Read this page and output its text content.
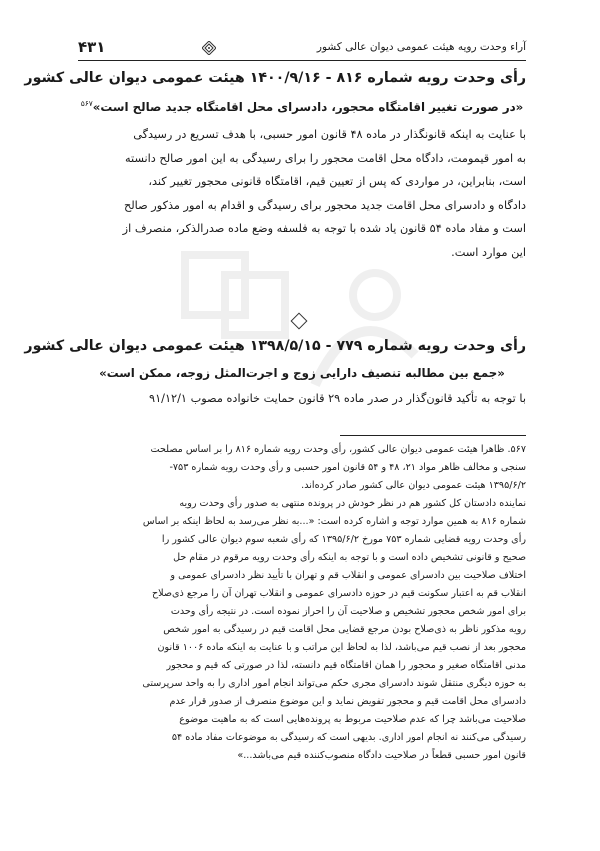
۴۳۱	آراء وحدت رویه هیئت عمومی دیوان عالی کشور
رأی وحدت رویه شماره ۸۱۶ - ۱۴۰۰/۹/۱۶ هیئت عمومی دیوان عالی کشور
«در صورت تغییر اقامتگاه محجور، دادسرای محل اقامتگاه جدید صالح است»$^{۵۶۷}$
با عنایت به اینکه قانونگذار در ماده ۴۸ قانون امور حسبی، با هدف تسریع در رسیدگی
به امور قیمومت، دادگاه محل اقامت محجور را برای رسیدگی به این امور صالح دانسته
است، بنابراین، در مواردی که پس از تعیین قیم، اقامتگاه قانونی محجور تغییر کند،
دادگاه و دادسرای محل اقامت جدید محجور برای رسیدگی و اقدام به امور مذکور صالح
است و مفاد ماده ۵۴ قانون یاد شده با توجه به فلسفه وضع ماده صدرالذکر، منصرف از
این موارد است.
رأی وحدت رویه شماره ۷۷۹ - ۱۳۹۸/۵/۱۵ هیئت عمومی دیوان عالی کشور
«جمع بین مطالبه تنصیف دارایی زوج و اجرت‌المثل زوجه، ممکن است»
با توجه به تأکید قانون‌گذار در صدر ماده ۲۹ قانون حمایت خانواده مصوب ۹۱/۱۲/۱
۵۶۷. ظاهرا هیئت عمومی دیوان عالی کشور، رأی وحدت رویه شماره ۸۱۶ را بر اساس مصلحت
سنجی و مخالف ظاهر مواد ۲۱، ۴۸ و ۵۴ قانون امور حسبی و رأی وحدت رویه شماره ۷۵۳-
۱۳۹۵/۶/۲ هیئت عمومی دیوان عالی کشور صادر کرده‌اند.
نماینده دادستان کل کشور هم در نظر خودش در پرونده منتهی به صدور رأی وحدت رویه
شماره ۸۱۶ به همین موارد توجه و اشاره کرده است: «...به نظر می‌رسد به لحاظ اینکه بر اساس
رأی وحدت رویه قضایی شماره ۷۵۳ مورخ ۱۳۹۵/۶/۲ که رأی شعبه سوم دیوان عالی کشور را
صحیح و قانونی تشخیص داده است و با توجه به اینکه رأی وحدت رویه مرقوم در مقام حل
اختلاف صلاحیت بین دادسرای عمومی و انقلاب قم و تهران با تأیید نظر دادسرای عمومی و
انقلاب قم به اعتبار سکونت قیم در حوزه دادسرای عمومی و انقلاب تهران آن را مرجع ذی‌صلاح
برای امور شخص محجور تشخیص و صلاحیت آن را احراز نموده است. در نتیجه رأی وحدت
رویه مذکور ناظر به ذی‌صلاح بودن مرجع قضایی محل اقامت قیم در رسیدگی به امور شخص
محجور بعد از نصب قیم می‌باشد، لذا به لحاظ این مراتب و با عنایت به اینکه ماده ۱۰۰۶ قانون
مدنی اقامتگاه صغیر و محجور را همان اقامتگاه قیم دانسته، لذا در صورتی که قیم و محجور
به حوزه دیگری منتقل شوند دادسرای مجری حکم می‌تواند انجام امور اداری را به واحد سرپرستی
دادسرای محل اقامت قیم و محجور تفویض نماید و این موضوع منصرف از صدور قرار عدم
صلاحیت می‌باشد چرا که عدم صلاحیت مربوط به پرونده‌هایی است که به ماهیت موضوع
رسیدگی می‌کنند نه انجام امور اداری. بدیهی است که رسیدگی به موضوعات مفاد ماده ۵۴
قانون امور حسبی قطعاً در صلاحیت دادگاه منصوب‌کننده قیم می‌باشد...»
